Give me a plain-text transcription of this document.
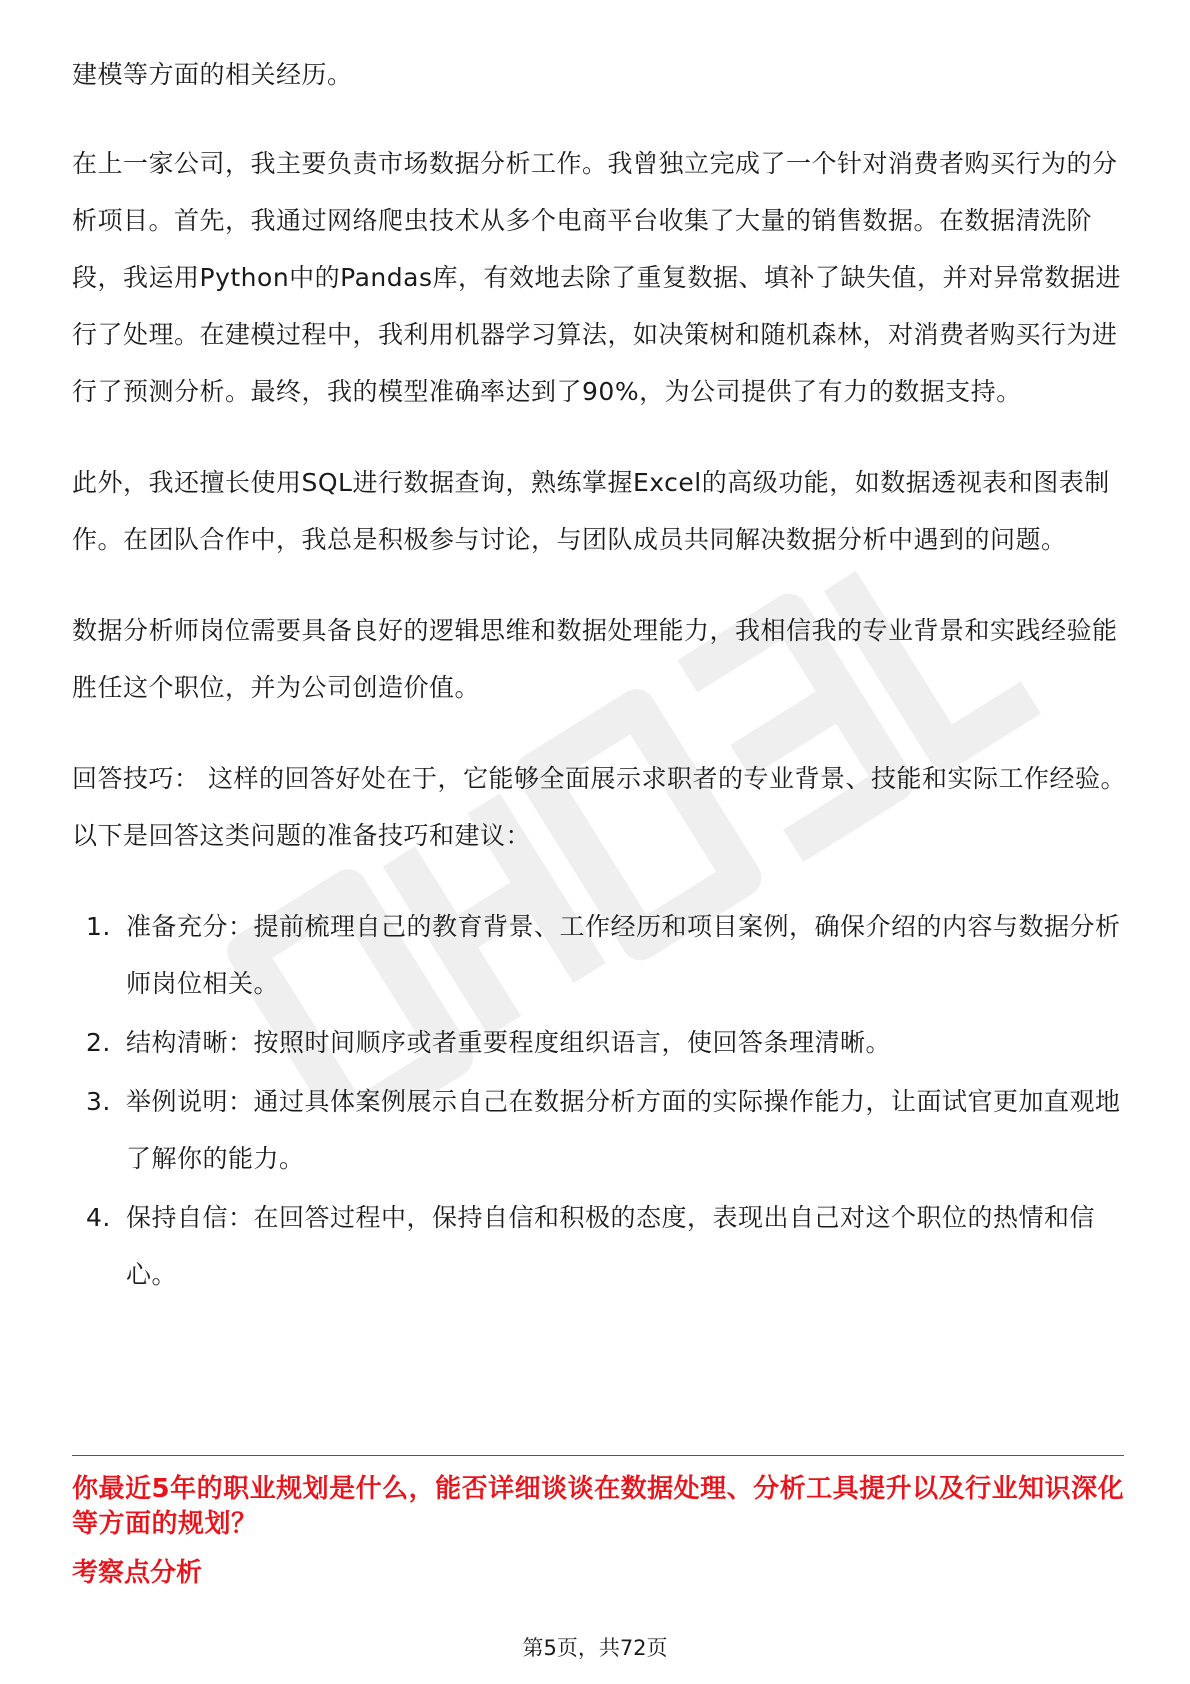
建模等方面的相关经历。

在上一家公司，我主要负责市场数据分析工作。我曾独立完成了一个针对消费者购买行为的分析项目。首先，我通过网络爬虫技术从多个电商平台收集了大量的销售数据。在数据清洗阶段，我运用Python中的Pandas库，有效地去除了重复数据、填补了缺失值，并对异常数据进行了处理。在建模过程中，我利用机器学习算法，如决策树和随机森林，对消费者购买行为进行了预测分析。最终，我的模型准确率达到了90%，为公司提供了有力的数据支持。

此外，我还擅长使用SQL进行数据查询，熟练掌握Excel的高级功能，如数据透视表和图表制作。在团队合作中，我总是积极参与讨论，与团队成员共同解决数据分析中遇到的问题。

数据分析师岗位需要具备良好的逻辑思维和数据处理能力，我相信我的专业背景和实践经验能胜任这个职位，并为公司创造价值。

回答技巧： 这样的回答好处在于，它能够全面展示求职者的专业背景、技能和实际工作经验。以下是回答这类问题的准备技巧和建议：

1. 准备充分：提前梳理自己的教育背景、工作经历和项目案例，确保介绍的内容与数据分析师岗位相关。
2. 结构清晰：按照时间顺序或者重要程度组织语言，使回答条理清晰。
3. 举例说明：通过具体案例展示自己在数据分析方面的实际操作能力，让面试官更加直观地了解你的能力。
4. 保持自信：在回答过程中，保持自信和积极的态度，表现出自己对这个职位的热情和信心。
你最近5年的职业规划是什么，能否详细谈谈在数据处理、分析工具提升以及行业知识深化等方面的规划？
考察点分析
第5页，共72页
